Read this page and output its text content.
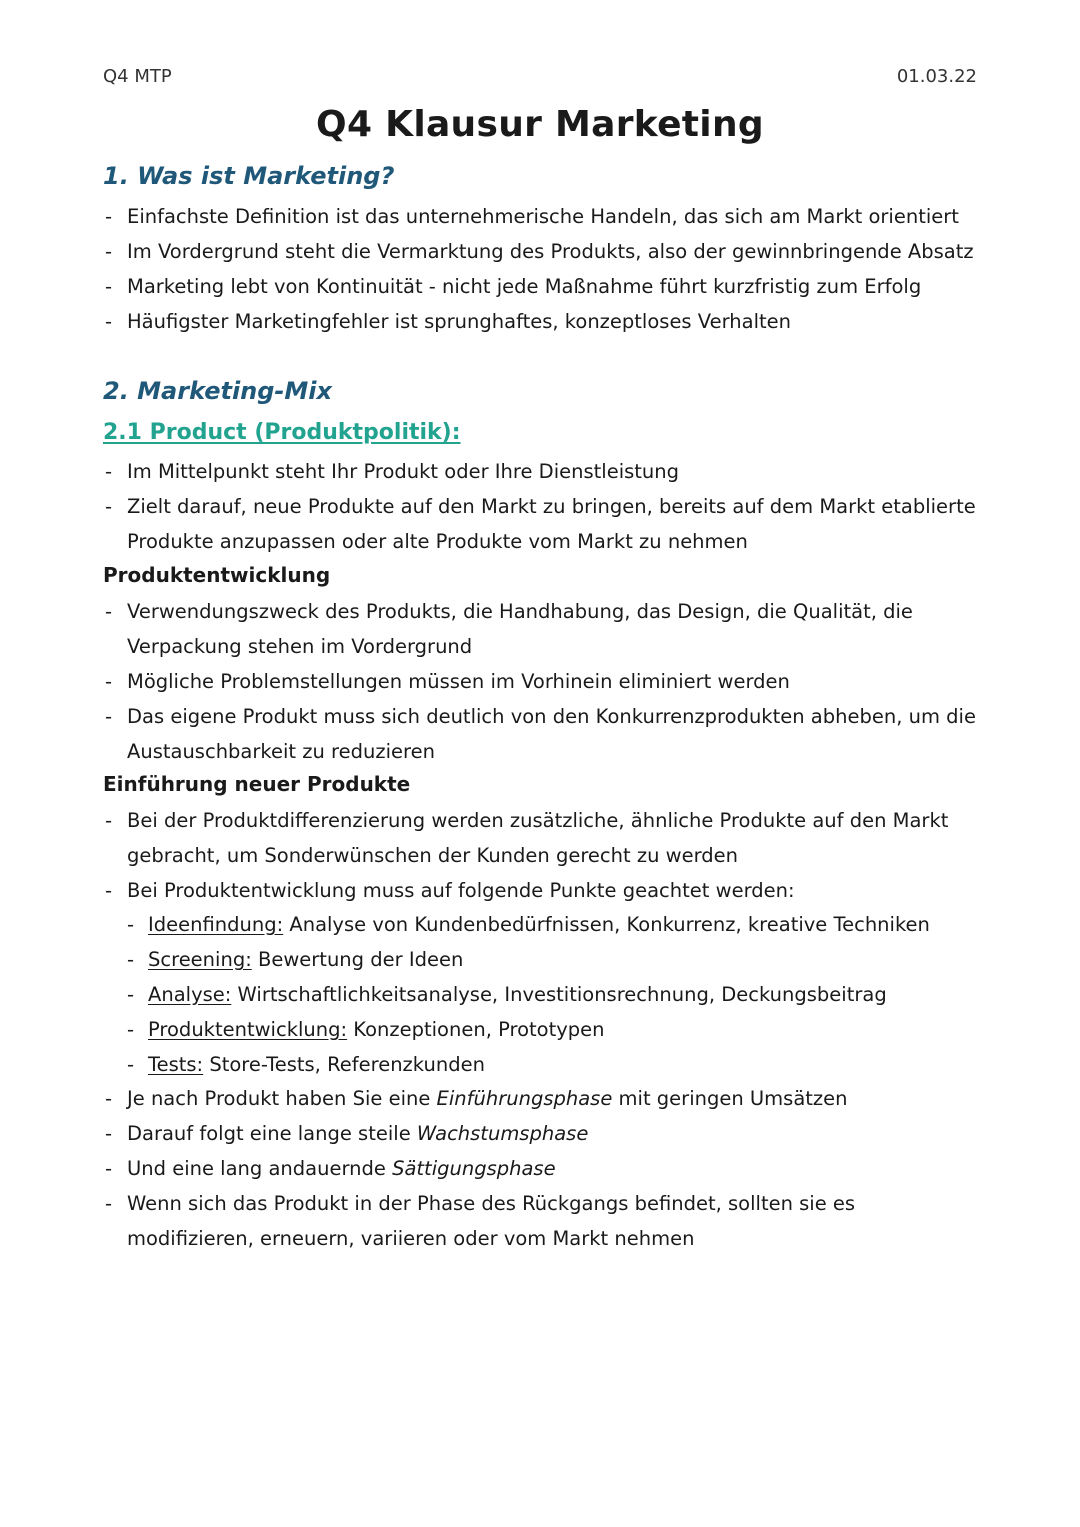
Q4 MTP	01.03.22
Q4 Klausur Marketing
1. Was ist Marketing?
- Einfachste Definition ist das unternehmerische Handeln, das sich am Markt orientiert
- Im Vordergrund steht die Vermarktung des Produkts, also der gewinnbringende Absatz
- Marketing lebt von Kontinuität - nicht jede Maßnahme führt kurzfristig zum Erfolg
- Häufigster Marketingfehler ist sprunghaftes, konzeptloses Verhalten
2. Marketing-Mix
2.1 Product (Produktpolitik):
- Im Mittelpunkt steht Ihr Produkt oder Ihre Dienstleistung
- Zielt darauf, neue Produkte auf den Markt zu bringen, bereits auf dem Markt etablierte Produkte anzupassen oder alte Produkte vom Markt zu nehmen
Produktentwicklung
- Verwendungszweck des Produkts, die Handhabung, das Design, die Qualität, die Verpackung stehen im Vordergrund
- Mögliche Problemstellungen müssen im Vorhinein eliminiert werden
- Das eigene Produkt muss sich deutlich von den Konkurrenzprodukten abheben, um die Austauschbarkeit zu reduzieren
Einführung neuer Produkte
- Bei der Produktdifferenzierung werden zusätzliche, ähnliche Produkte auf den Markt gebracht, um Sonderwünschen der Kunden gerecht zu werden
- Bei Produktentwicklung muss auf folgende Punkte geachtet werden:
- Ideenfindung: Analyse von Kundenbedürfnissen, Konkurrenz, kreative Techniken
- Screening: Bewertung der Ideen
- Analyse: Wirtschaftlichkeitsanalyse, Investitionsrechnung, Deckungsbeitrag
- Produktentwicklung: Konzeptionen, Prototypen
- Tests: Store-Tests, Referenzkunden
- Je nach Produkt haben Sie eine Einführungsphase mit geringen Umsätzen
- Darauf folgt eine lange steile Wachstumsphase
- Und eine lang andauernde Sättigungsphase
- Wenn sich das Produkt in der Phase des Rückgangs befindet, sollten sie es modifizieren, erneuern, variieren oder vom Markt nehmen
